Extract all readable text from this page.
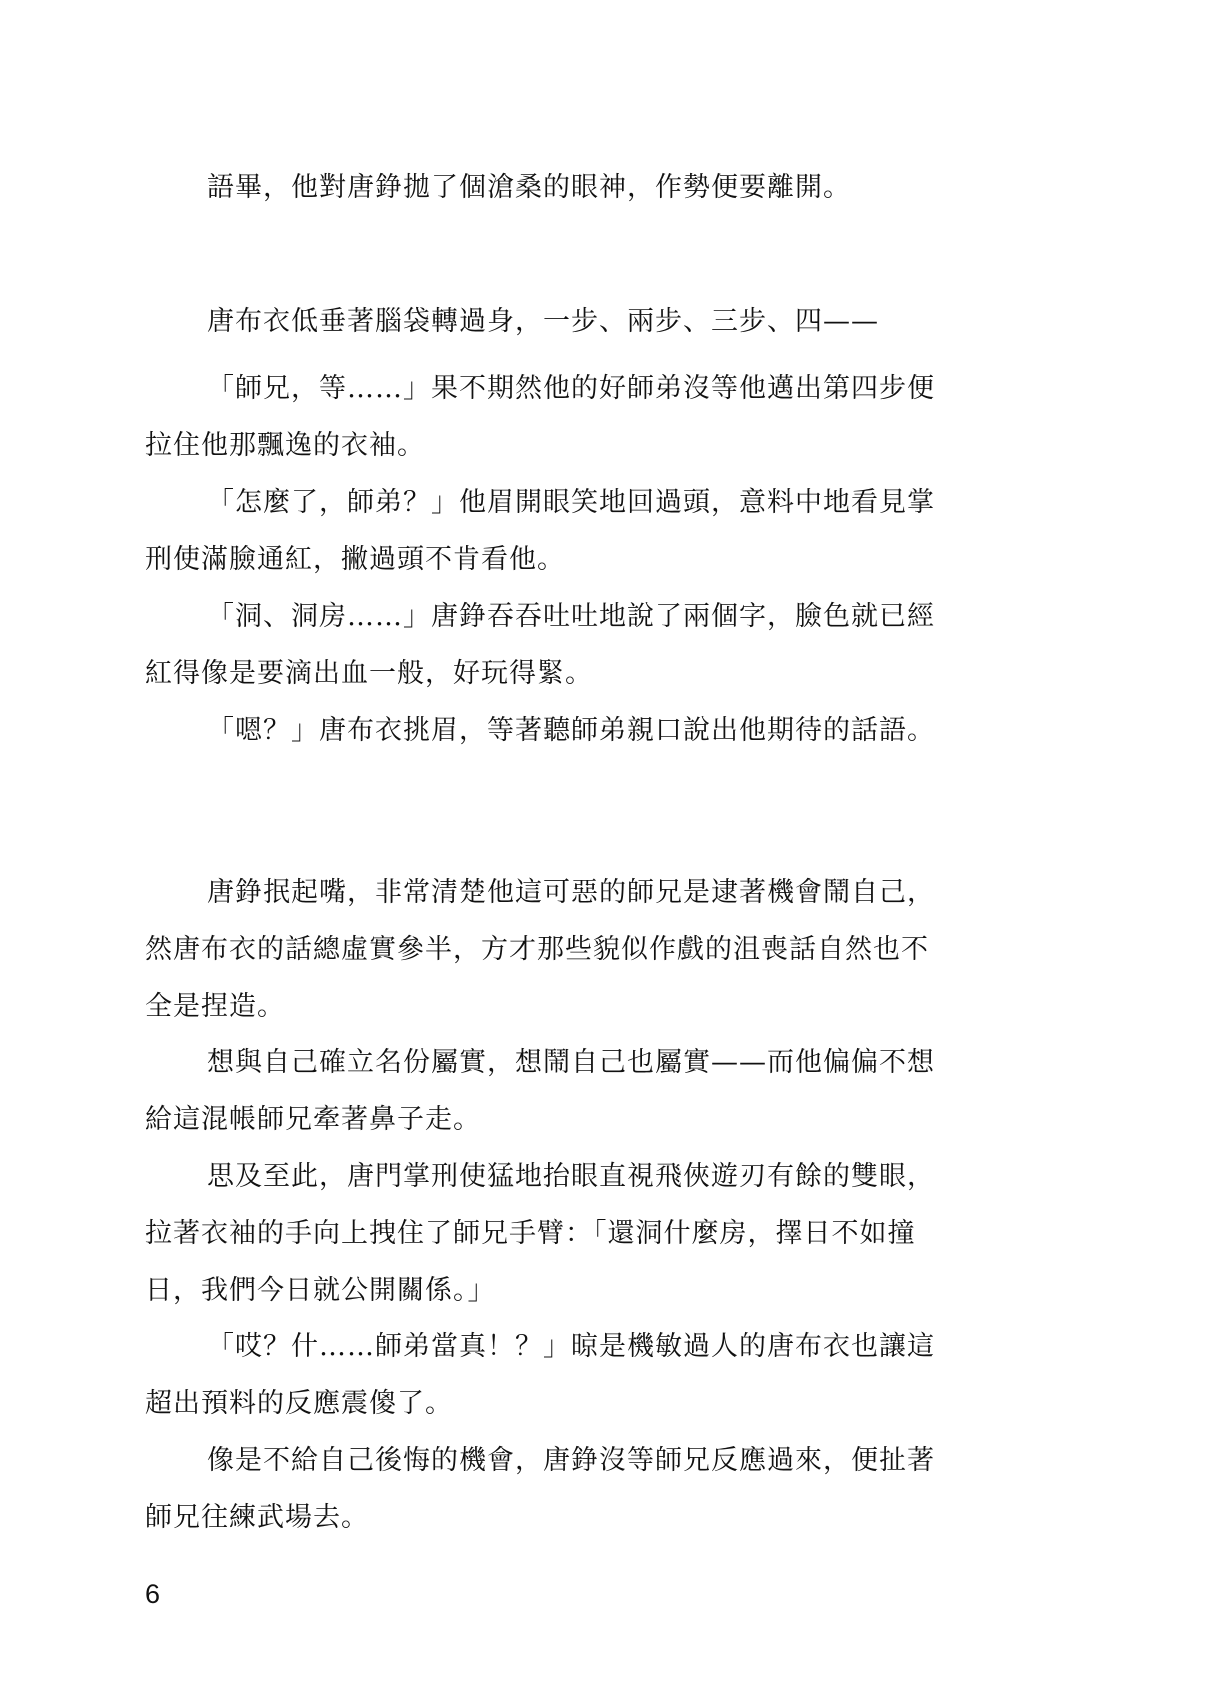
語畢，他對唐錚拋了個滄桑的眼神，作勢便要離開。

唐布衣低垂著腦袋轉過身，一步、兩步、三步、四——

「師兄，等……」果不期然他的好師弟沒等他邁出第四步便拉住他那飄逸的衣袖。

「怎麼了，師弟？」他眉開眼笑地回過頭，意料中地看見掌刑使滿臉通紅，撇過頭不肯看他。

「洞、洞房……」唐錚吞吞吐吐地說了兩個字，臉色就已經紅得像是要滴出血一般，好玩得緊。

「嗯？」唐布衣挑眉，等著聽師弟親口說出他期待的話語。

唐錚抿起嘴，非常清楚他這可惡的師兄是逮著機會鬧自己，然唐布衣的話總虛實參半，方才那些貌似作戲的沮喪話自然也不全是捏造。

想與自己確立名份屬實，想鬧自己也屬實——而他偏偏不想給這混帳師兄牽著鼻子走。

思及至此，唐門掌刑使猛地抬眼直視飛俠遊刃有餘的雙眼，拉著衣袖的手向上拽住了師兄手臂：「還洞什麼房，擇日不如撞日，我們今日就公開關係。」

「哎？什……師弟當真！？」晾是機敏過人的唐布衣也讓這超出預料的反應震傻了。

像是不給自己後悔的機會，唐錚沒等師兄反應過來，便扯著師兄往練武場去。

6
